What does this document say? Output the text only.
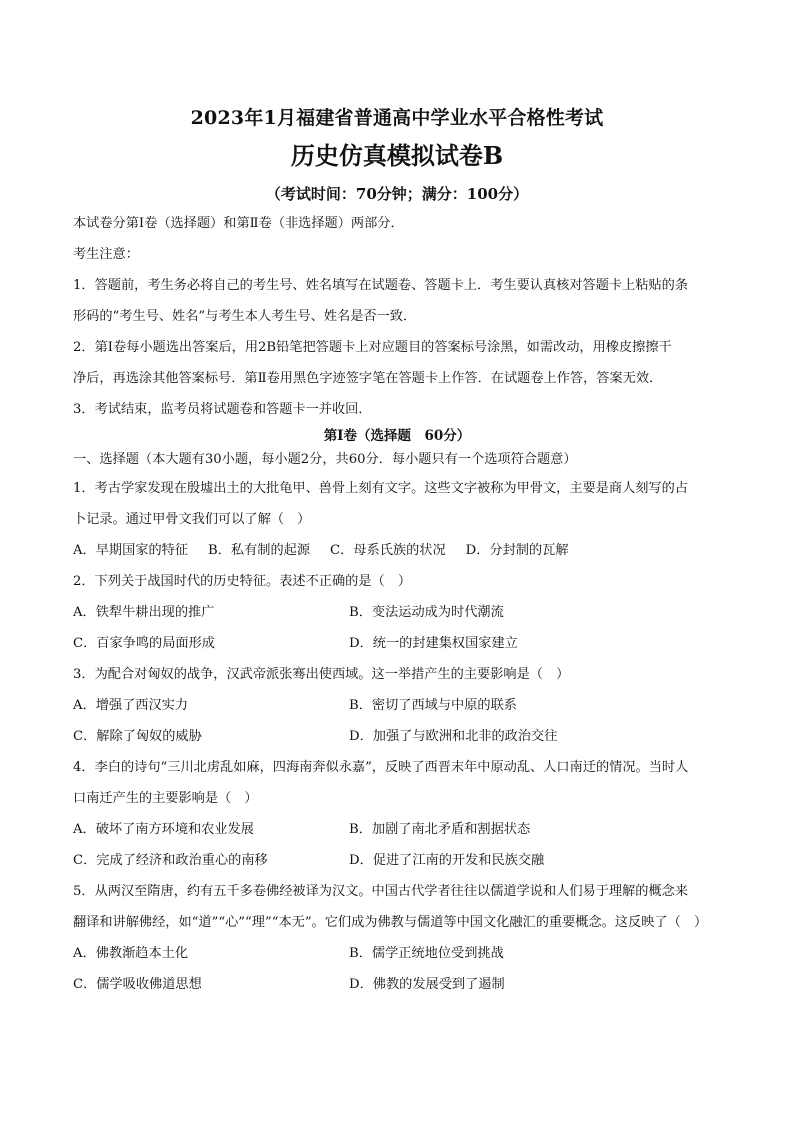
2023年1月福建省普通高中学业水平合格性考试
历史仿真模拟试卷B
（考试时间：70分钟；满分：100分）

本试卷分第Ⅰ卷（选择题）和第Ⅱ卷（非选择题）两部分．

考生注意：

1．答题前，考生务必将自己的考生号、姓名填写在试题卷、答题卡上．考生要认真核对答题卡上粘贴的条

形码的“考生号、姓名”与考生本人考生号、姓名是否一致．

2．第Ⅰ卷每小题选出答案后，用2B铅笔把答题卡上对应题目的答案标号涂黑，如需改动，用橡皮擦擦干

净后，再选涂其他答案标号．第Ⅱ卷用黑色字迹签字笔在答题卡上作答．在试题卷上作答，答案无效．

3．考试结束，监考员将试题卷和答题卡一并收回．

第Ⅰ卷（选择题　60分）

一、选择题（本大题有30小题，每小题2分，共60分．每小题只有一个选项符合题意）

1．考古学家发现在殷墟出土的大批龟甲、兽骨上刻有文字。这些文字被称为甲骨文，主要是商人刻写的占

卜记录。通过甲骨文我们可以了解（　）

A．早期国家的特征 B．私有制的起源 C．母系氏族的状况 D．分封制的瓦解

2．下列关于战国时代的历史特征。表述不正确的是（　）

A．铁犁牛耕出现的推广	B．变法运动成为时代潮流
C．百家争鸣的局面形成	D．统一的封建集权国家建立

3．为配合对匈奴的战争，汉武帝派张骞出使西域。这一举措产生的主要影响是（　）

A．增强了西汉实力	B．密切了西域与中原的联系
C．解除了匈奴的威胁	D．加强了与欧洲和北非的政治交往

4．李白的诗句“三川北虏乱如麻，四海南奔似永嘉”，反映了西晋末年中原动乱、人口南迁的情况。当时人

口南迁产生的主要影响是（　）

A．破坏了南方环境和农业发展	B．加剧了南北矛盾和割据状态
C．完成了经济和政治重心的南移	D．促进了江南的开发和民族交融

5．从两汉至隋唐，约有五千多卷佛经被译为汉文。中国古代学者往往以儒道学说和人们易于理解的概念来

翻译和讲解佛经，如“道”“心”“理”“本无”。它们成为佛教与儒道等中国文化融汇的重要概念。这反映了（　）

A．佛教渐趋本土化	B．儒学正统地位受到挑战
C．儒学吸收佛道思想	D．佛教的发展受到了遏制
